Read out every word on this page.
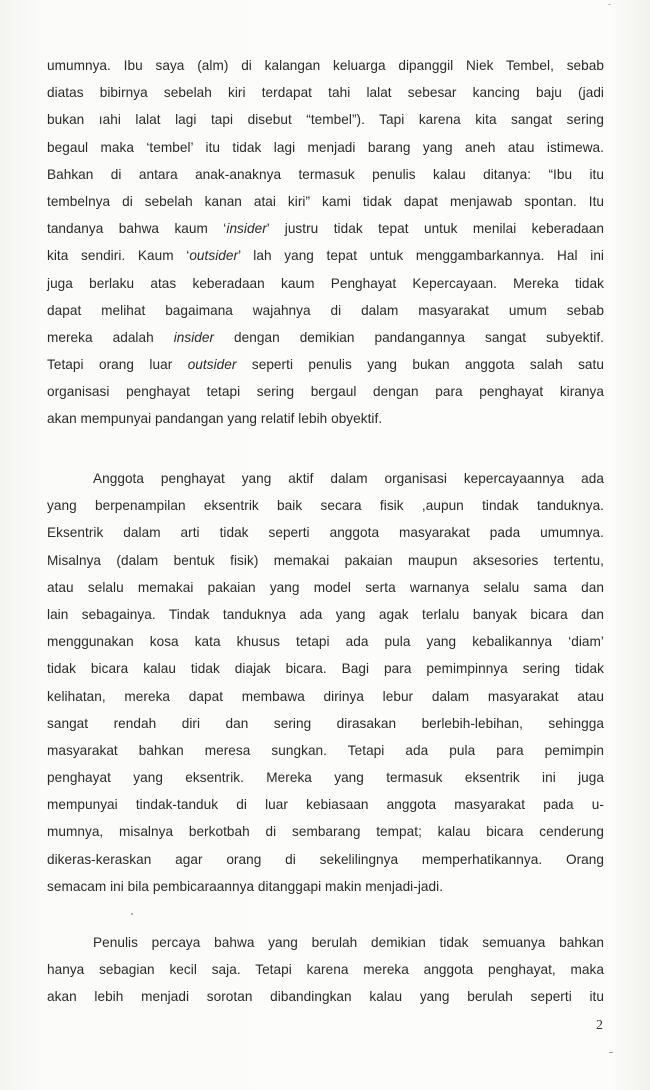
umumnya. Ibu saya (alm) di kalangan keluarga dipanggil Niek Tembel, sebab
diatas bibirnya sebelah kiri terdapat tahi lalat sebesar kancing baju (jadi
bukan ıahi lalat lagi tapi disebut “tembel”). Tapi karena kita sangat sering
begaul maka ‘tembel’ itu tidak lagi menjadi barang yang aneh atau istimewa.
Bahkan di antara anak-anaknya termasuk penulis kalau ditanya: “Ibu itu
tembelnya di sebelah kanan atai kiri” kami tidak dapat menjawab spontan. Itu
tandanya bahwa kaum ‘insider’ justru tidak tepat untuk menilai keberadaan
kita sendiri. Kaum ‘outsider’ lah yang tepat untuk menggambarkannya. Hal ini
juga berlaku atas keberadaan kaum Penghayat Kepercayaan. Mereka tidak
dapat melihat bagaimana wajahnya di dalam masyarakat umum sebab
mereka adalah insider dengan demikian pandangannya sangat subyektif.
Tetapi orang luar outsider seperti penulis yang bukan anggota salah satu
organisasi penghayat tetapi sering bergaul dengan para penghayat kiranya
akan mempunyai pandangan yang relatif lebih obyektif.
Anggota penghayat yang aktif dalam organisasi kepercayaannya ada
yang berpenampilan eksentrik baik secara fisik ,aupun tindak tanduknya.
Eksentrik dalam arti tidak seperti anggota masyarakat pada umumnya.
Misalnya (dalam bentuk fisik) memakai pakaian maupun aksesories tertentu,
atau selalu memakai pakaian yang model serta warnanya selalu sama dan
lain sebagainya. Tindak tanduknya ada yang agak terlalu banyak bicara dan
menggunakan kosa kata khusus tetapi ada pula yang kebalikannya ‘diam’
tidak bicara kalau tidak diajak bicara. Bagi para pemimpinnya sering tidak
kelihatan, mereka dapat membawa dirinya lebur dalam masyarakat atau
sangat rendah diri dan sering dirasakan berlebih-lebihan, sehingga
masyarakat bahkan meresa sungkan. Tetapi ada pula para pemimpin
penghayat yang eksentrik. Mereka yang termasuk eksentrik ini juga
mempunyai tindak-tanduk di luar kebiasaan anggota masyarakat pada u-
mumnya, misalnya berkotbah di sembarang tempat; kalau bicara cenderung
dikeras-keraskan agar orang di sekelilingnya memperhatikannya. Orang
semacam ini bila pembicaraannya ditanggapi makin menjadi-jadi.
Penulis percaya bahwa yang berulah demikian tidak semuanya bahkan
hanya sebagian kecil saja. Tetapi karena mereka anggota penghayat, maka
akan lebih menjadi sorotan dibandingkan kalau yang berulah seperti itu
2
